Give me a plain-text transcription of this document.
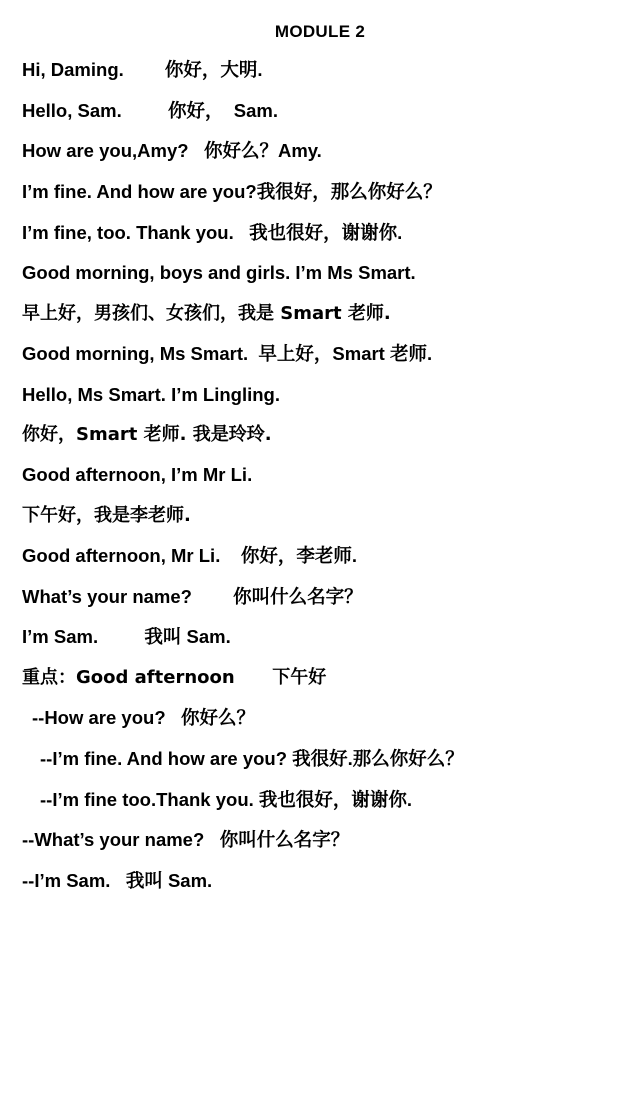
MODULE 2

Hi, Daming.        你好，大明.

Hello, Sam.         你好，  Sam.

How are you,Amy?   你好么？Amy.

I’m fine. And how are you?我很好，那么你好么？

I’m fine, too. Thank you.   我也很好，谢谢你.

Good morning, boys and girls. I’m Ms Smart.

早上好，男孩们、女孩们，我是 Smart 老师.

Good morning, Ms Smart.  早上好，Smart 老师.

Hello, Ms Smart. I’m Lingling.

你好，Smart 老师. 我是玲玲.

Good afternoon, I’m Mr Li.

下午好，我是李老师.

Good afternoon, Mr Li.    你好，李老师.

What’s your name?        你叫什么名字？

I’m Sam.         我叫 Sam.

重点：Good afternoon      下午好

--How are you?   你好么？

--I’m fine. And how are you? 我很好.那么你好么？

--I’m fine too.Thank you. 我也很好，谢谢你.

--What’s your name?   你叫什么名字？

--I’m Sam.   我叫 Sam.
